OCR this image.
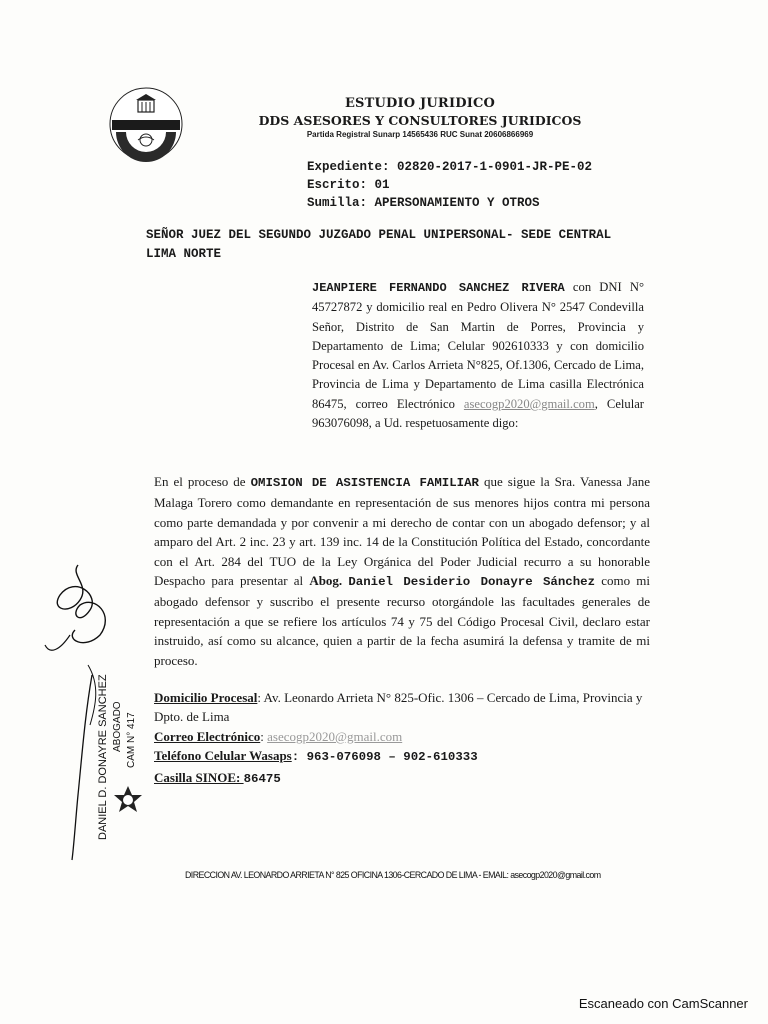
ESTUDIO JURIDICO
DDS ASESORES Y CONSULTORES JURIDICOS
Partida Registral Sunarp 14565436 RUC Sunat 20606866969
Expediente: 02820-2017-1-0901-JR-PE-02
Escrito: 01
Sumilla: APERSONAMIENTO Y OTROS
SEÑOR JUEZ DEL SEGUNDO JUZGADO PENAL UNIPERSONAL- SEDE CENTRAL LIMA NORTE
JEANPIERE FERNANDO SANCHEZ RIVERA con DNI N° 45727872 y domicilio real en Pedro Olivera N° 2547 Condevilla Señor, Distrito de San Martin de Porres, Provincia y Departamento de Lima; Celular 902610333 y con domicilio Procesal en Av. Carlos Arrieta N°825, Of.1306, Cercado de Lima, Provincia de Lima y Departamento de Lima casilla Electrónica 86475, correo Electrónico asecogp2020@gmail.com, Celular 963076098, a Ud. respetuosamente digo:
En el proceso de OMISION DE ASISTENCIA FAMILIAR que sigue la Sra. Vanessa Jane Malaga Torero como demandante en representación de sus menores hijos contra mi persona como parte demandada y por convenir a mi derecho de contar con un abogado defensor; y al amparo del Art. 2 inc. 23 y art. 139 inc. 14 de la Constitución Política del Estado, concordante con el Art. 284 del TUO de la Ley Orgánica del Poder Judicial recurro a su honorable Despacho para presentar al Abog. Daniel Desiderio Donayre Sánchez como mi abogado defensor y suscribo el presente recurso otorgándole las facultades generales de representación a que se refiere los artículos 74 y 75 del Código Procesal Civil, declaro estar instruido, así como su alcance, quien a partir de la fecha asumirá la defensa y tramite de mi proceso.
Domicilio Procesal: Av. Leonardo Arrieta N° 825-Ofic. 1306 – Cercado de Lima, Provincia y Dpto. de Lima
Correo Electrónico: asecogp2020@gmail.com
Teléfono Celular Wasaps: 963-076098 – 902-610333
Casilla SINOE: 86475
DANIEL D. DONAYRE SANCHEZ ABOGADO CAM N° 417
DIRECCION AV. LEONARDO ARRIETA N° 825 OFICINA 1306-CERCADO DE LIMA - EMAIL: asecogp2020@gmail.com
Escaneado con CamScanner
